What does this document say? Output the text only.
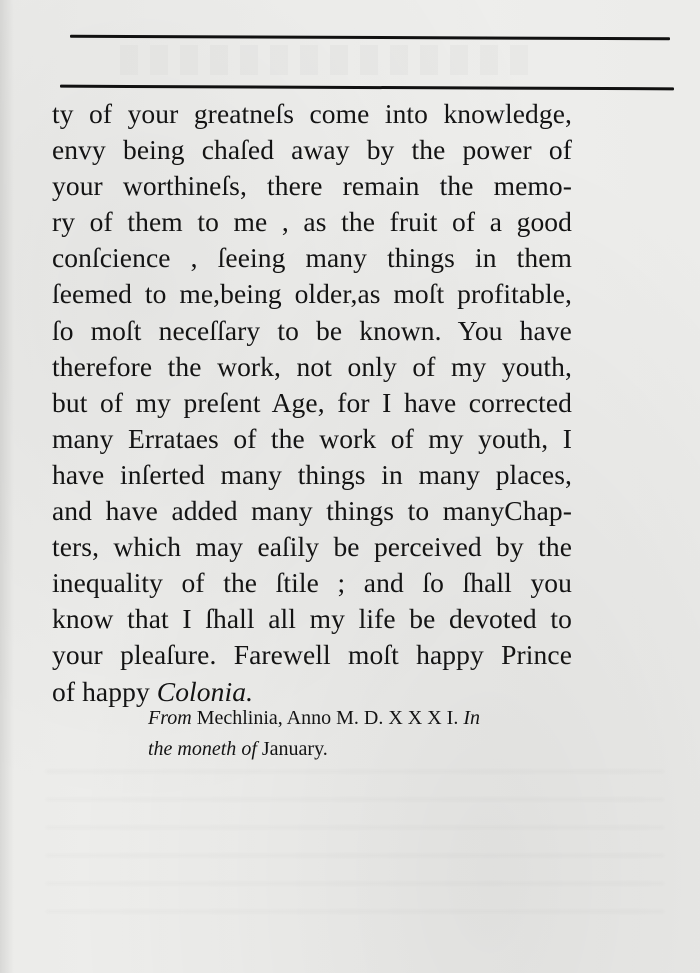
ty of your greatneſs come into knowledge,
envy being chaſed away by the power of
your worthineſs, there remain the memo-
ry of them to me , as the fruit of a good
conſcience , ſeeing many things in them
ſeemed to me,being older,as moſt profitable,
ſo moſt neceſſary to be known. You have
therefore the work, not only of my youth,
but of my preſent Age, for I have corrected
many Erratаes of the work of my youth, I
have inſerted many things in many places,
and have added many things to manyChap-
ters, which may eaſily be perceived by the
inequality of the ſtile ; and ſo ſhall you
know that I ſhall all my life be devoted to
your pleaſure. Farewell moſt happy Prince
of happy Colonia.
From Mechlinia, Anno M. D. X X X I. In
the moneth of January.
